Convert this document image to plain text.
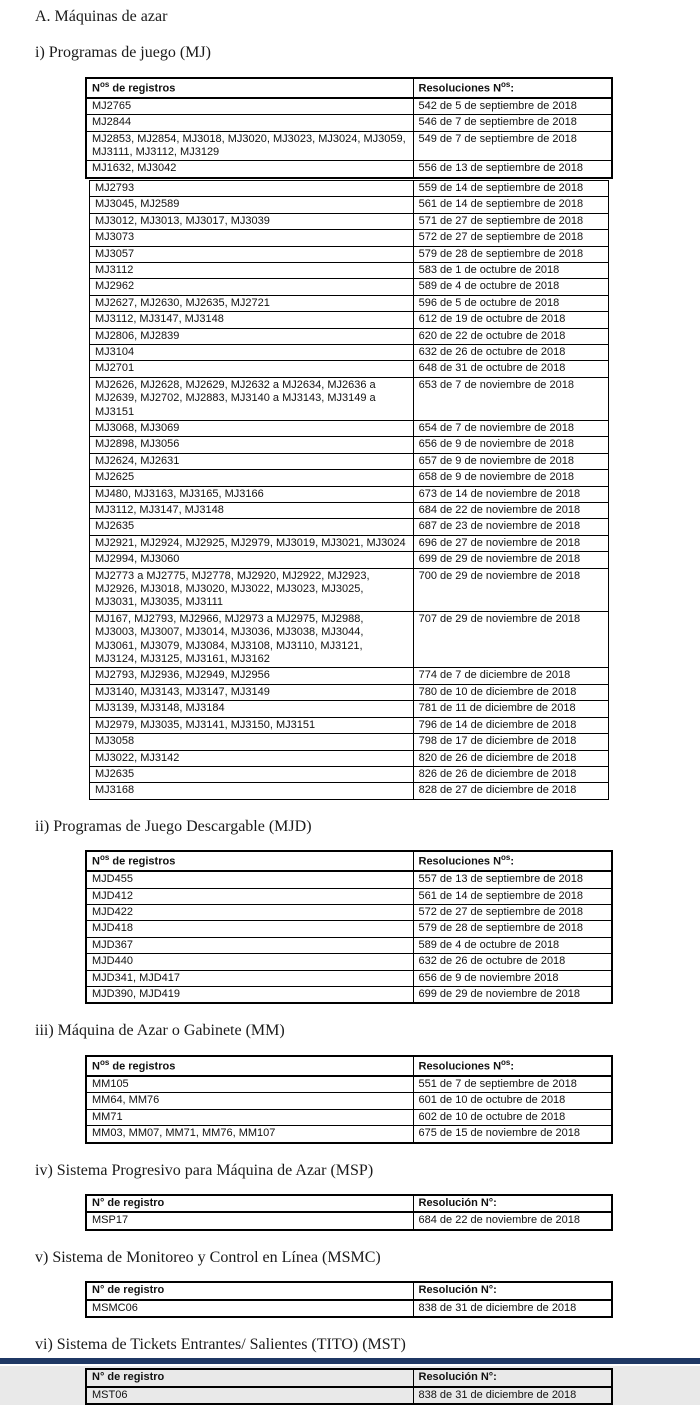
A. Máquinas de azar
i) Programas de juego (MJ)
$N^{os}$ de registros	Resoluciones $N^{os}$:
MJ2765	542 de 5 de septiembre de 2018
MJ2844	546 de 7 de septiembre de 2018
MJ2853, MJ2854, MJ3018, MJ3020, MJ3023, MJ3024, MJ3059, MJ3111, MJ3112, MJ3129	549 de 7 de septiembre de 2018
MJ1632, MJ3042	556 de 13 de septiembre de 2018
MJ2793	559 de 14 de septiembre de 2018
MJ3045, MJ2589	561 de 14 de septiembre de 2018
MJ3012, MJ3013, MJ3017, MJ3039	571 de 27 de septiembre de 2018
MJ3073	572 de 27 de septiembre de 2018
MJ3057	579 de 28 de septiembre de 2018
MJ3112	583 de 1 de octubre de 2018
MJ2962	589 de 4 de octubre de 2018
MJ2627, MJ2630, MJ2635, MJ2721	596 de 5 de octubre de 2018
MJ3112, MJ3147, MJ3148	612 de 19 de octubre de 2018
MJ2806, MJ2839	620 de 22 de octubre de 2018
MJ3104	632 de 26 de octubre de 2018
MJ2701	648 de 31 de octubre de 2018
MJ2626, MJ2628, MJ2629, MJ2632 a MJ2634, MJ2636 a MJ2639, MJ2702, MJ2883, MJ3140 a MJ3143, MJ3149 a MJ3151	653 de 7 de noviembre de 2018
MJ3068, MJ3069	654 de 7 de noviembre de 2018
MJ2898, MJ3056	656 de 9 de noviembre de 2018
MJ2624, MJ2631	657 de 9 de noviembre de 2018
MJ2625	658 de 9 de noviembre de 2018
MJ480, MJ3163, MJ3165, MJ3166	673 de 14 de noviembre de 2018
MJ3112, MJ3147, MJ3148	684 de 22 de noviembre de 2018
MJ2635	687 de 23 de noviembre de 2018
MJ2921, MJ2924, MJ2925, MJ2979, MJ3019, MJ3021, MJ3024	696 de 27 de noviembre de 2018
MJ2994, MJ3060	699 de 29 de noviembre de 2018
MJ2773 a MJ2775, MJ2778, MJ2920, MJ2922, MJ2923, MJ2926, MJ3018, MJ3020, MJ3022, MJ3023, MJ3025, MJ3031, MJ3035, MJ3111	700 de 29 de noviembre de 2018
MJ167, MJ2793, MJ2966, MJ2973 a MJ2975, MJ2988, MJ3003, MJ3007, MJ3014, MJ3036, MJ3038, MJ3044, MJ3061, MJ3079, MJ3084, MJ3108, MJ3110, MJ3121, MJ3124, MJ3125, MJ3161, MJ3162	707 de 29 de noviembre de 2018
MJ2793, MJ2936, MJ2949, MJ2956	774 de 7 de diciembre de 2018
MJ3140, MJ3143, MJ3147, MJ3149	780 de 10 de diciembre de 2018
MJ3139, MJ3148, MJ3184	781 de 11 de diciembre de 2018
MJ2979, MJ3035, MJ3141, MJ3150, MJ3151	796 de 14 de diciembre de 2018
MJ3058	798 de 17 de diciembre de 2018
MJ3022, MJ3142	820 de 26 de diciembre de 2018
MJ2635	826 de 26 de diciembre de 2018
MJ3168	828 de 27 de diciembre de 2018
ii) Programas de Juego Descargable (MJD)
$N^{os}$ de registros	Resoluciones $N^{os}$:
MJD455	557 de 13 de septiembre de 2018
MJD412	561 de 14 de septiembre de 2018
MJD422	572 de 27 de septiembre de 2018
MJD418	579 de 28 de septiembre de 2018
MJD367	589 de 4 de octubre de 2018
MJD440	632 de 26 de octubre de 2018
MJD341, MJD417	656 de 9 de noviembre 2018
MJD390, MJD419	699 de 29 de noviembre de 2018
iii) Máquina de Azar o Gabinete (MM)
$N^{os}$ de registros	Resoluciones $N^{os}$:
MM105	551 de 7 de septiembre de 2018
MM64, MM76	601 de 10 de octubre de 2018
MM71	602 de 10 de octubre de 2018
MM03, MM07, MM71, MM76, MM107	675 de 15 de noviembre de 2018
iv) Sistema Progresivo para Máquina de Azar (MSP)
N° de registro	Resolución N°:
MSP17	684 de 22 de noviembre de 2018
v) Sistema de Monitoreo y Control en Línea (MSMC)
N° de registro	Resolución N°:
MSMC06	838 de 31 de diciembre de 2018
vi) Sistema de Tickets Entrantes/ Salientes (TITO) (MST)
N° de registro	Resolución N°:
MST06	838 de 31 de diciembre de 2018
